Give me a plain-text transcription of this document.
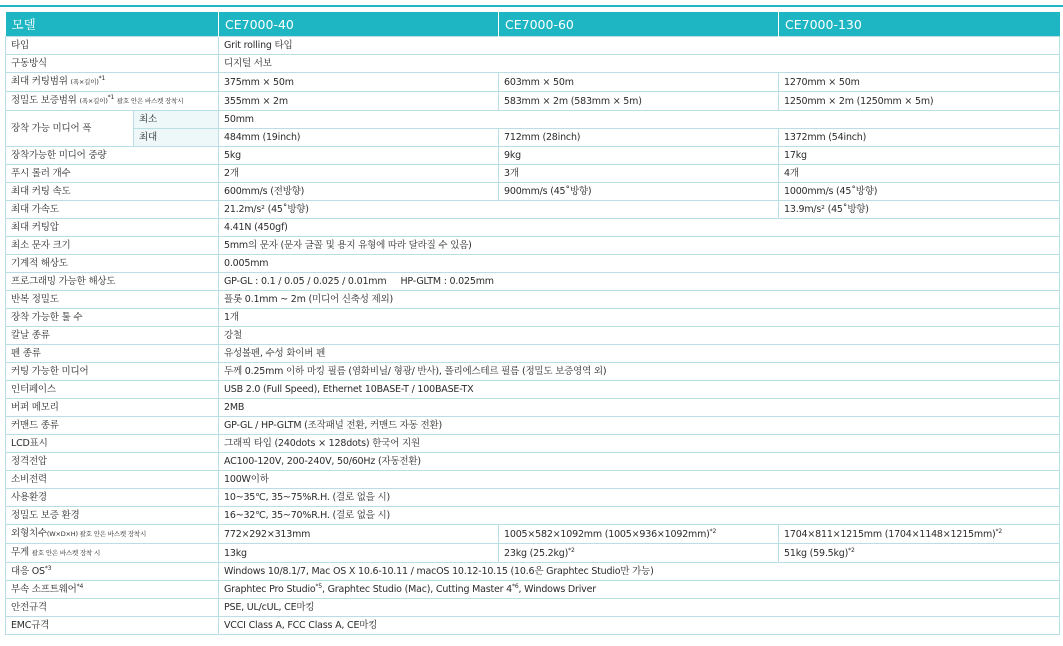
모델		CE7000-40	CE7000-60	CE7000-130
타입		Grit rolling 타입		
구동방식		디지털 서보		
최대 커팅범위 (폭×길이)$^{*1}$		375mm × 50m	603mm × 50m	1270mm × 50m
정밀도 보증범위 (폭×길이)$^{*1}$ 괄호 안은 바스켓 장착시		355mm × 2m	583mm × 2m (583mm × 5m)	1250mm × 2m (1250mm × 5m)
장착 가능 미디어 폭	최소	50mm		
	최대	484mm (19inch)	712mm (28inch)	1372mm (54inch)
장착가능한 미디어 중량		5kg	9kg	17kg
푸시 롤러 개수		2개	3개	4개
최대 커팅 속도		600mm/s (전방향)	900mm/s (45˚방향)	1000mm/s (45˚방향)
최대 가속도		21.2m/s² (45˚방향)		13.9m/s² (45˚방향)
최대 커팅압		4.41N (450gf)		
최소 문자 크기		5mm의 문자 (문자 글꼴 및 용지 유형에 따라 달라질 수 있음)		
기계적 해상도		0.005mm		
프로그래밍 가능한 해상도		GP-GL : 0.1 / 0.05 / 0.025 / 0.01mm     HP-GLTM : 0.025mm		
반복 정밀도		플롯 0.1mm ~ 2m (미디어 신축성 제외)		
장착 가능한 툴 수		1개		
칼날 종류		강철		
펜 종류		유성볼펜, 수성 화이버 펜		
커팅 가능한 미디어		두께 0.25mm 이하 마킹 필름 (염화비닐/ 형광/ 반사), 폴리에스테르 필름 (정밀도 보증영역 외)		
인터페이스		USB 2.0 (Full Speed), Ethernet 10BASE-T / 100BASE-TX		
버퍼 메모리		2MB		
커맨드 종류		GP-GL / HP-GLTM (조작패널 전환, 커맨드 자동 전환)		
LCD표시		그래픽 타입 (240dots × 128dots) 한국어 지원		
정격전압		AC100-120V, 200-240V, 50/60Hz (자동전환)		
소비전력		100W이하		
사용환경		10~35℃, 35~75%R.H. (결로 없을 시)		
정밀도 보증 환경		16~32℃, 35~70%R.H. (결로 없을 시)		
외형치수(W×D×H) 괄호 안은 바스켓 장착시		772×292×313mm	1005×582×1092mm $(1005\times 936\times 1092mm)^{*2}$	1704×811×1215mm $(1704\times 1148\times 1215mm)^{*2}$
무게 괄호 안은 바스켓 장착 시		13kg	23kg $(25.2kg)^{*2}$	51kg $(59.5kg)^{*2}$
대응 OS$^{*3}$		Windows 10/8.1/7, Mac OS X 10.6-10.11 / macOS 10.12-10.15 (10.6은 Graphtec Studio만 가능)		
부속 소프트웨어$^{*4}$		Graphtec Pro Studio$^{*5}$, Graphtec Studio (Mac), Cutting Master 4$^{*6}$, Windows Driver		
안전규격		PSE, UL/cUL, CE마킹		
EMC규격		VCCI Class A, FCC Class A, CE마킹		
